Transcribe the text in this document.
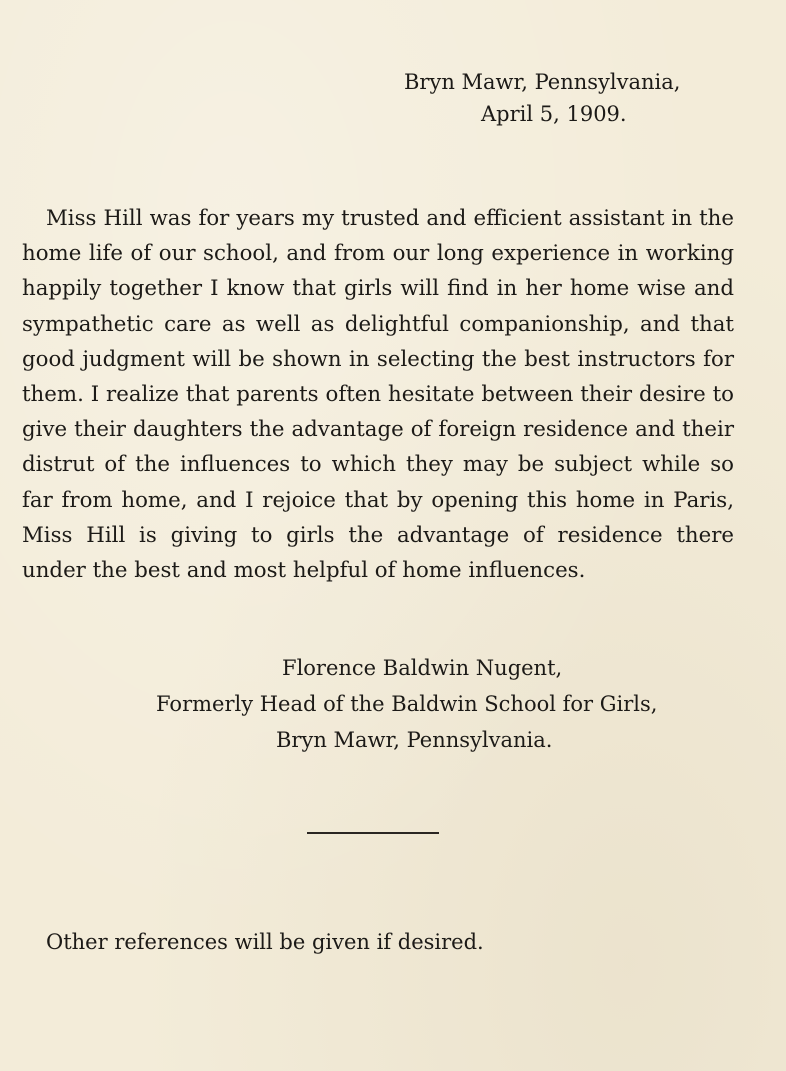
Bryn Mawr, Pennsylvania,
April 5, 1909.

Miss Hill was for years my trusted and efficient assistant in the home life of our school, and from our long experience in working happily together I know that girls will find in her home wise and sympathetic care as well as delightful companionship, and that good judgment will be shown in selecting the best instructors for them. I realize that parents often hesitate between their desire to give their daughters the advantage of foreign residence and their distrut of the influences to which they may be subject while so far from home, and I rejoice that by opening this home in Paris, Miss Hill is giving to girls the advantage of residence there under the best and most helpful of home influences.

Florence Baldwin Nugent,
Formerly Head of the Baldwin School for Girls,
Bryn Mawr, Pennsylvania.
Other references will be given if desired.
